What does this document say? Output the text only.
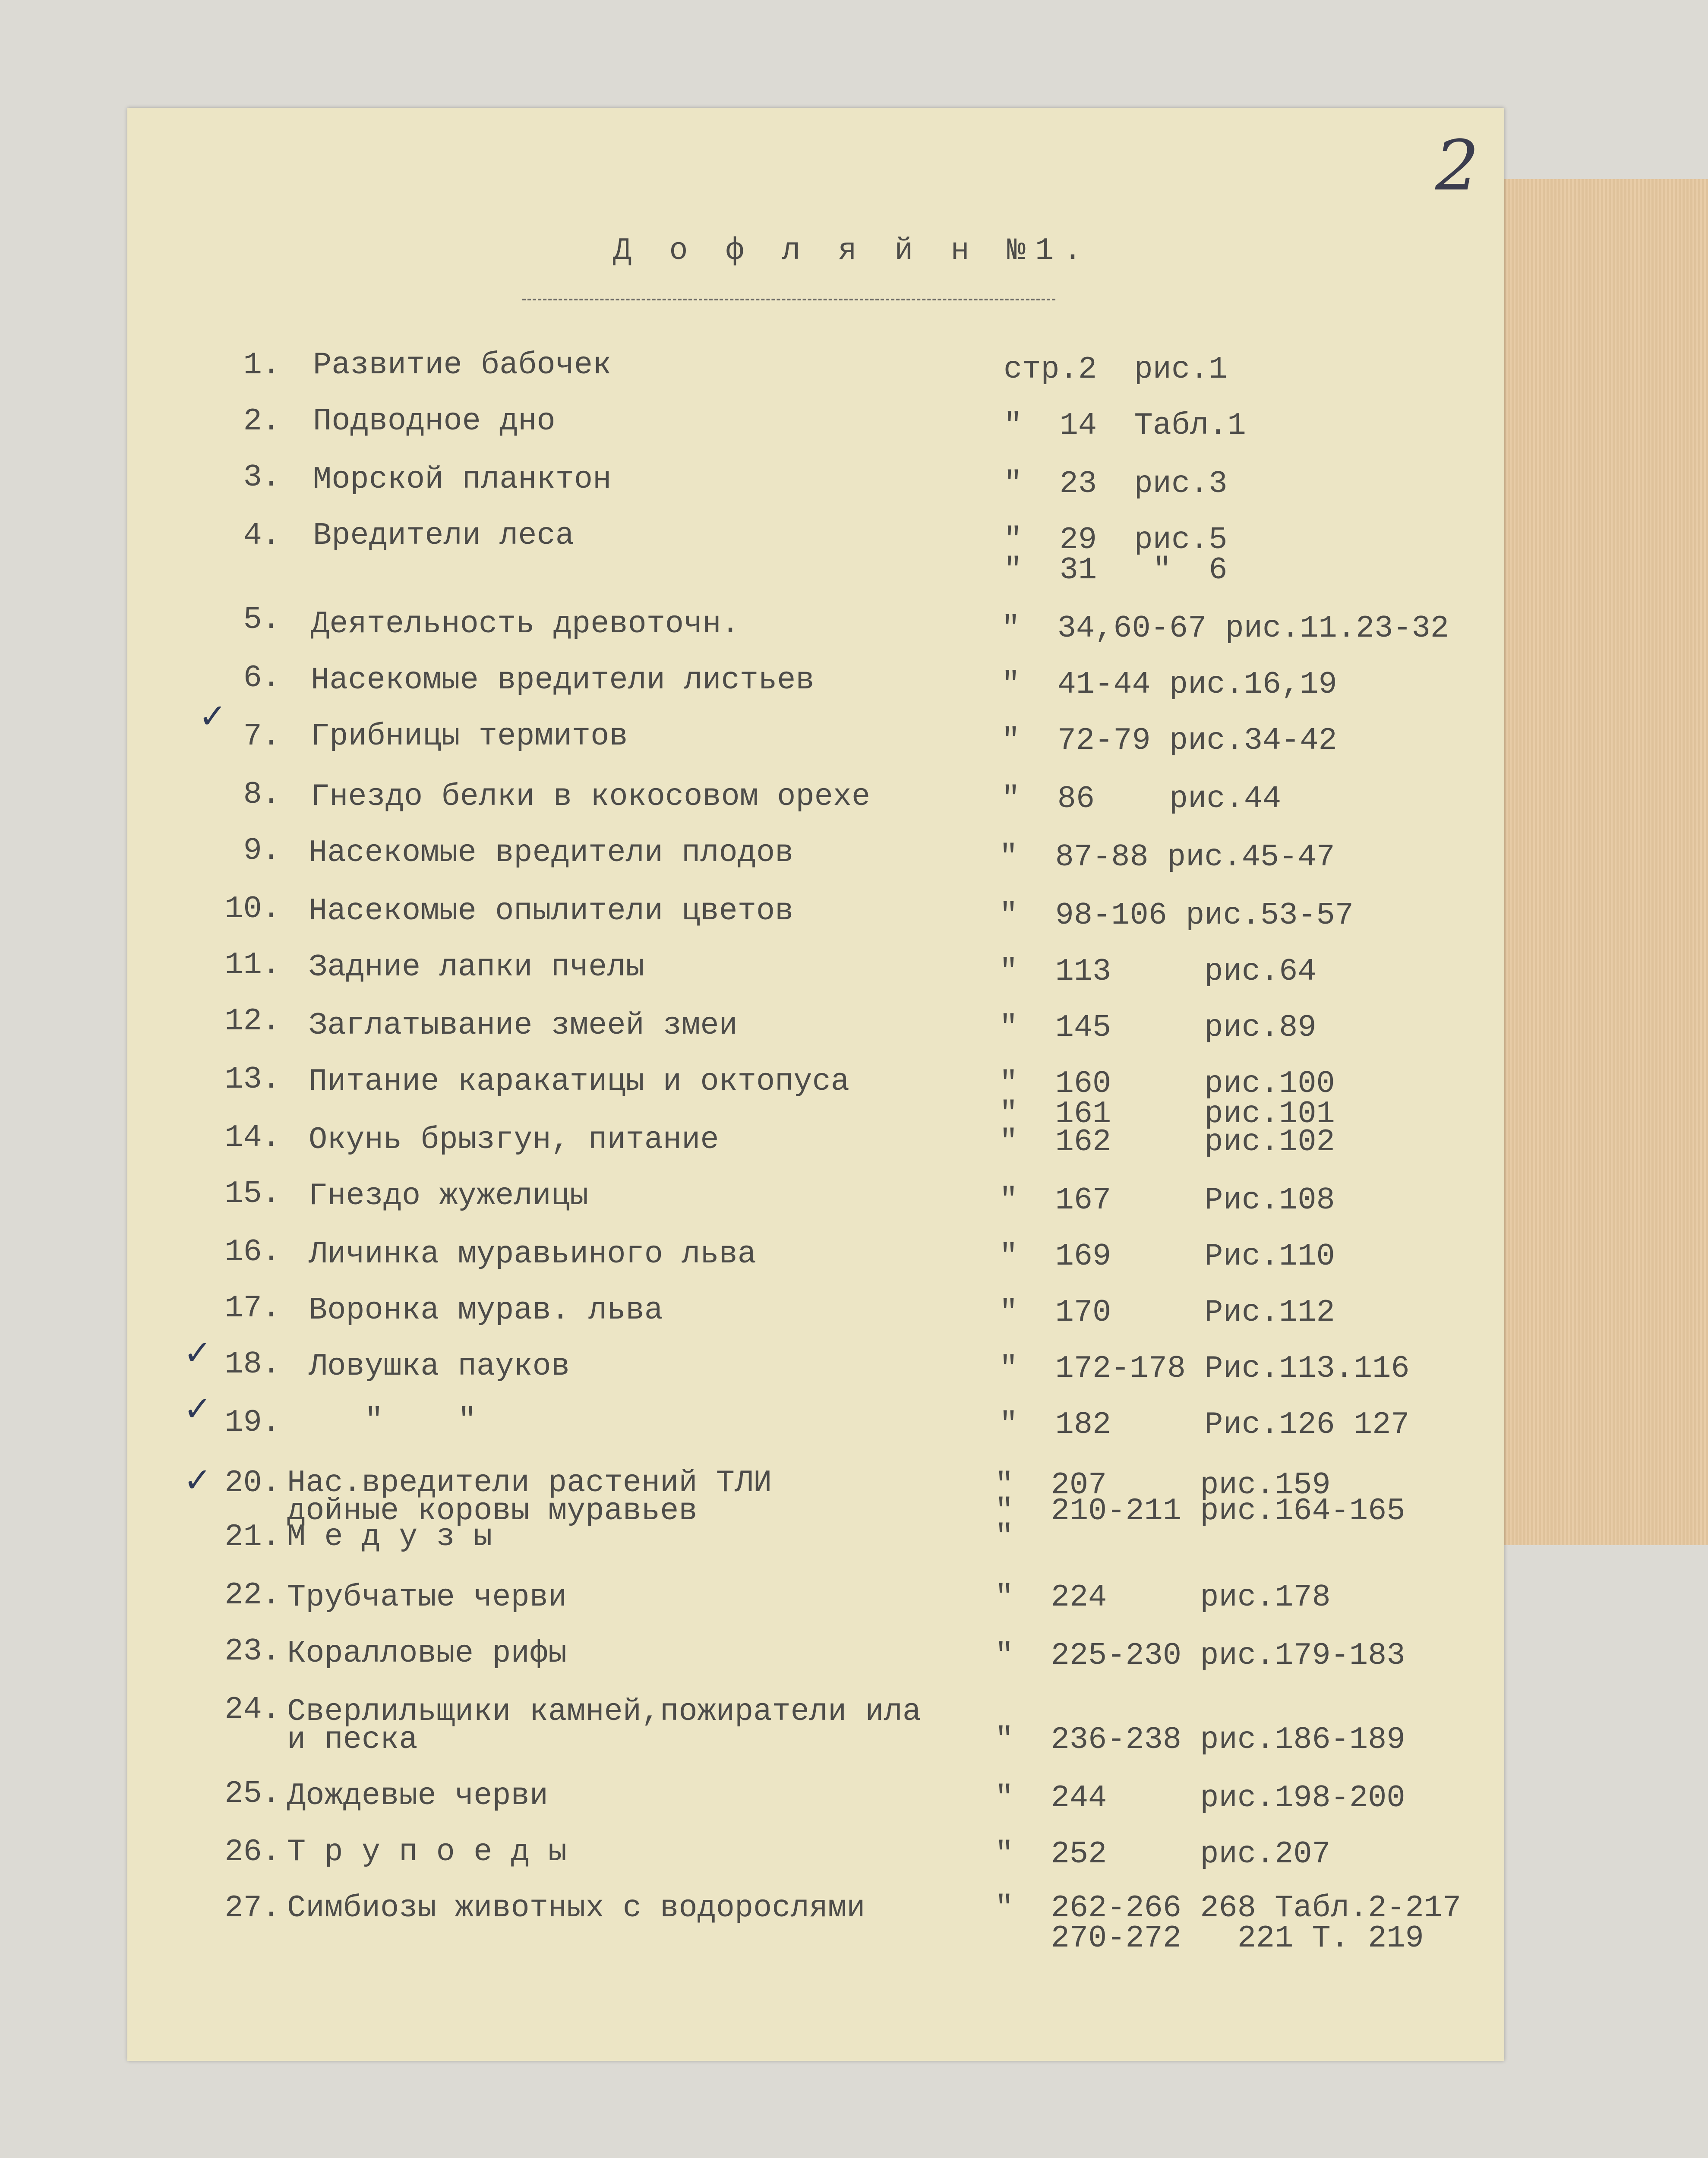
2
Д о ф л я й н №1.
1. Развитие бабочек	стр.2  рис.1
2. Подводное дно	"  14  Табл.1
3. Морской планктон	"  23  рис.3
4. Вредители леса	"  29  рис.5
"  31   "  6
5. Деятельность древоточн.	"  34,60-67 рис.11.23-32
6. Насекомые вредители листьев	"  41-44 рис.16,19
✓
7. Грибницы термитов	"  72-79 рис.34-42
8. Гнездо белки в кокосовом орехе	"  86    рис.44
9. Насекомые вредители плодов	"  87-88 рис.45-47
10. Насекомые опылители цветов	"  98-106 рис.53-57
11. Задние лапки пчелы	"  113     рис.64
12. Заглатывание змеей змеи	"  145     рис.89
13. Питание каракатицы и октопуса	"  160     рис.100
"  161     рис.101
14. Окунь брызгун, питание	"  162     рис.102
15. Гнездо жужелицы	"  167     Рис.108
16. Личинка муравьиного льва	"  169     Рис.110
17. Воронка мурав. льва	"  170     Рис.112
✓ 18. Ловушка пауков	"  172-178 Рис.113.116
✓ 19. "    "	"  182     Рис.126 127
✓ 20. Нас.вредители растений ТЛИ	"  207     рис.159
дойные коровы муравьев	"  210-211 рис.164-165
21. М е д у з ы	"
22. Трубчатые черви	"  224     рис.178
23. Коралловые рифы	"  225-230 рис.179-183
24. Сверлильщики камней,пожиратели ила
и песка	"  236-238 рис.186-189
25. Дождевые черви	"  244     рис.198-200
26. Т р у п о е д ы	"  252     рис.207
27. Симбиозы животных с водорослями	"  262-266 268 Табл.2-217
270-272   221 Т. 219
